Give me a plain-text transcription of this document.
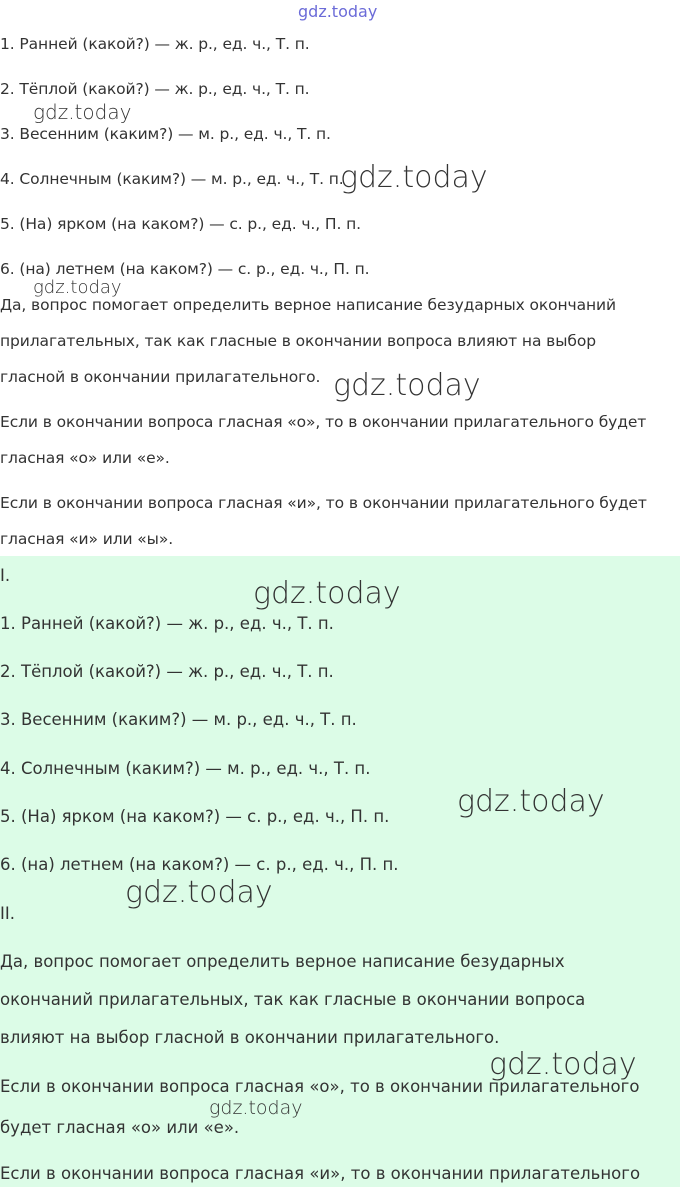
1. Ранней (какой?) — ж. р., ед. ч., Т. п.
2. Тёплой (какой?) — ж. р., ед. ч., Т. п.
3. Весенним (каким?) — м. р., ед. ч., Т. п.
4. Солнечным (каким?) — м. р., ед. ч., Т. п.
5. (На) ярком (на каком?) — с. р., ед. ч., П. п.
6. (на) летнем (на каком?) — с. р., ед. ч., П. п.
Да, вопрос помогает определить верное написание безударных окончаний
прилагательных, так как гласные в окончании вопроса влияют на выбор
гласной в окончании прилагательного.
Если в окончании вопроса гласная «о», то в окончании прилагательного будет
гласная «о» или «е».
Если в окончании вопроса гласная «и», то в окончании прилагательного будет
гласная «и» или «ы».
I.
1. Ранней (какой?) — ж. р., ед. ч., Т. п.
2. Тёплой (какой?) — ж. р., ед. ч., Т. п.
3. Весенним (каким?) — м. р., ед. ч., Т. п.
4. Солнечным (каким?) — м. р., ед. ч., Т. п.
5. (На) ярком (на каком?) — с. р., ед. ч., П. п.
6. (на) летнем (на каком?) — с. р., ед. ч., П. п.
II.
Да, вопрос помогает определить верное написание безударных
окончаний прилагательных, так как гласные в окончании вопроса
влияют на выбор гласной в окончании прилагательного.
Если в окончании вопроса гласная «о», то в окончании прилагательного
будет гласная «о» или «е».
Если в окончании вопроса гласная «и», то в окончании прилагательного
gdz.today
gdz.today
gdz.today
gdz.today
gdz.today
gdz.today
gdz.today
gdz.today
gdz.today
gdz.today
